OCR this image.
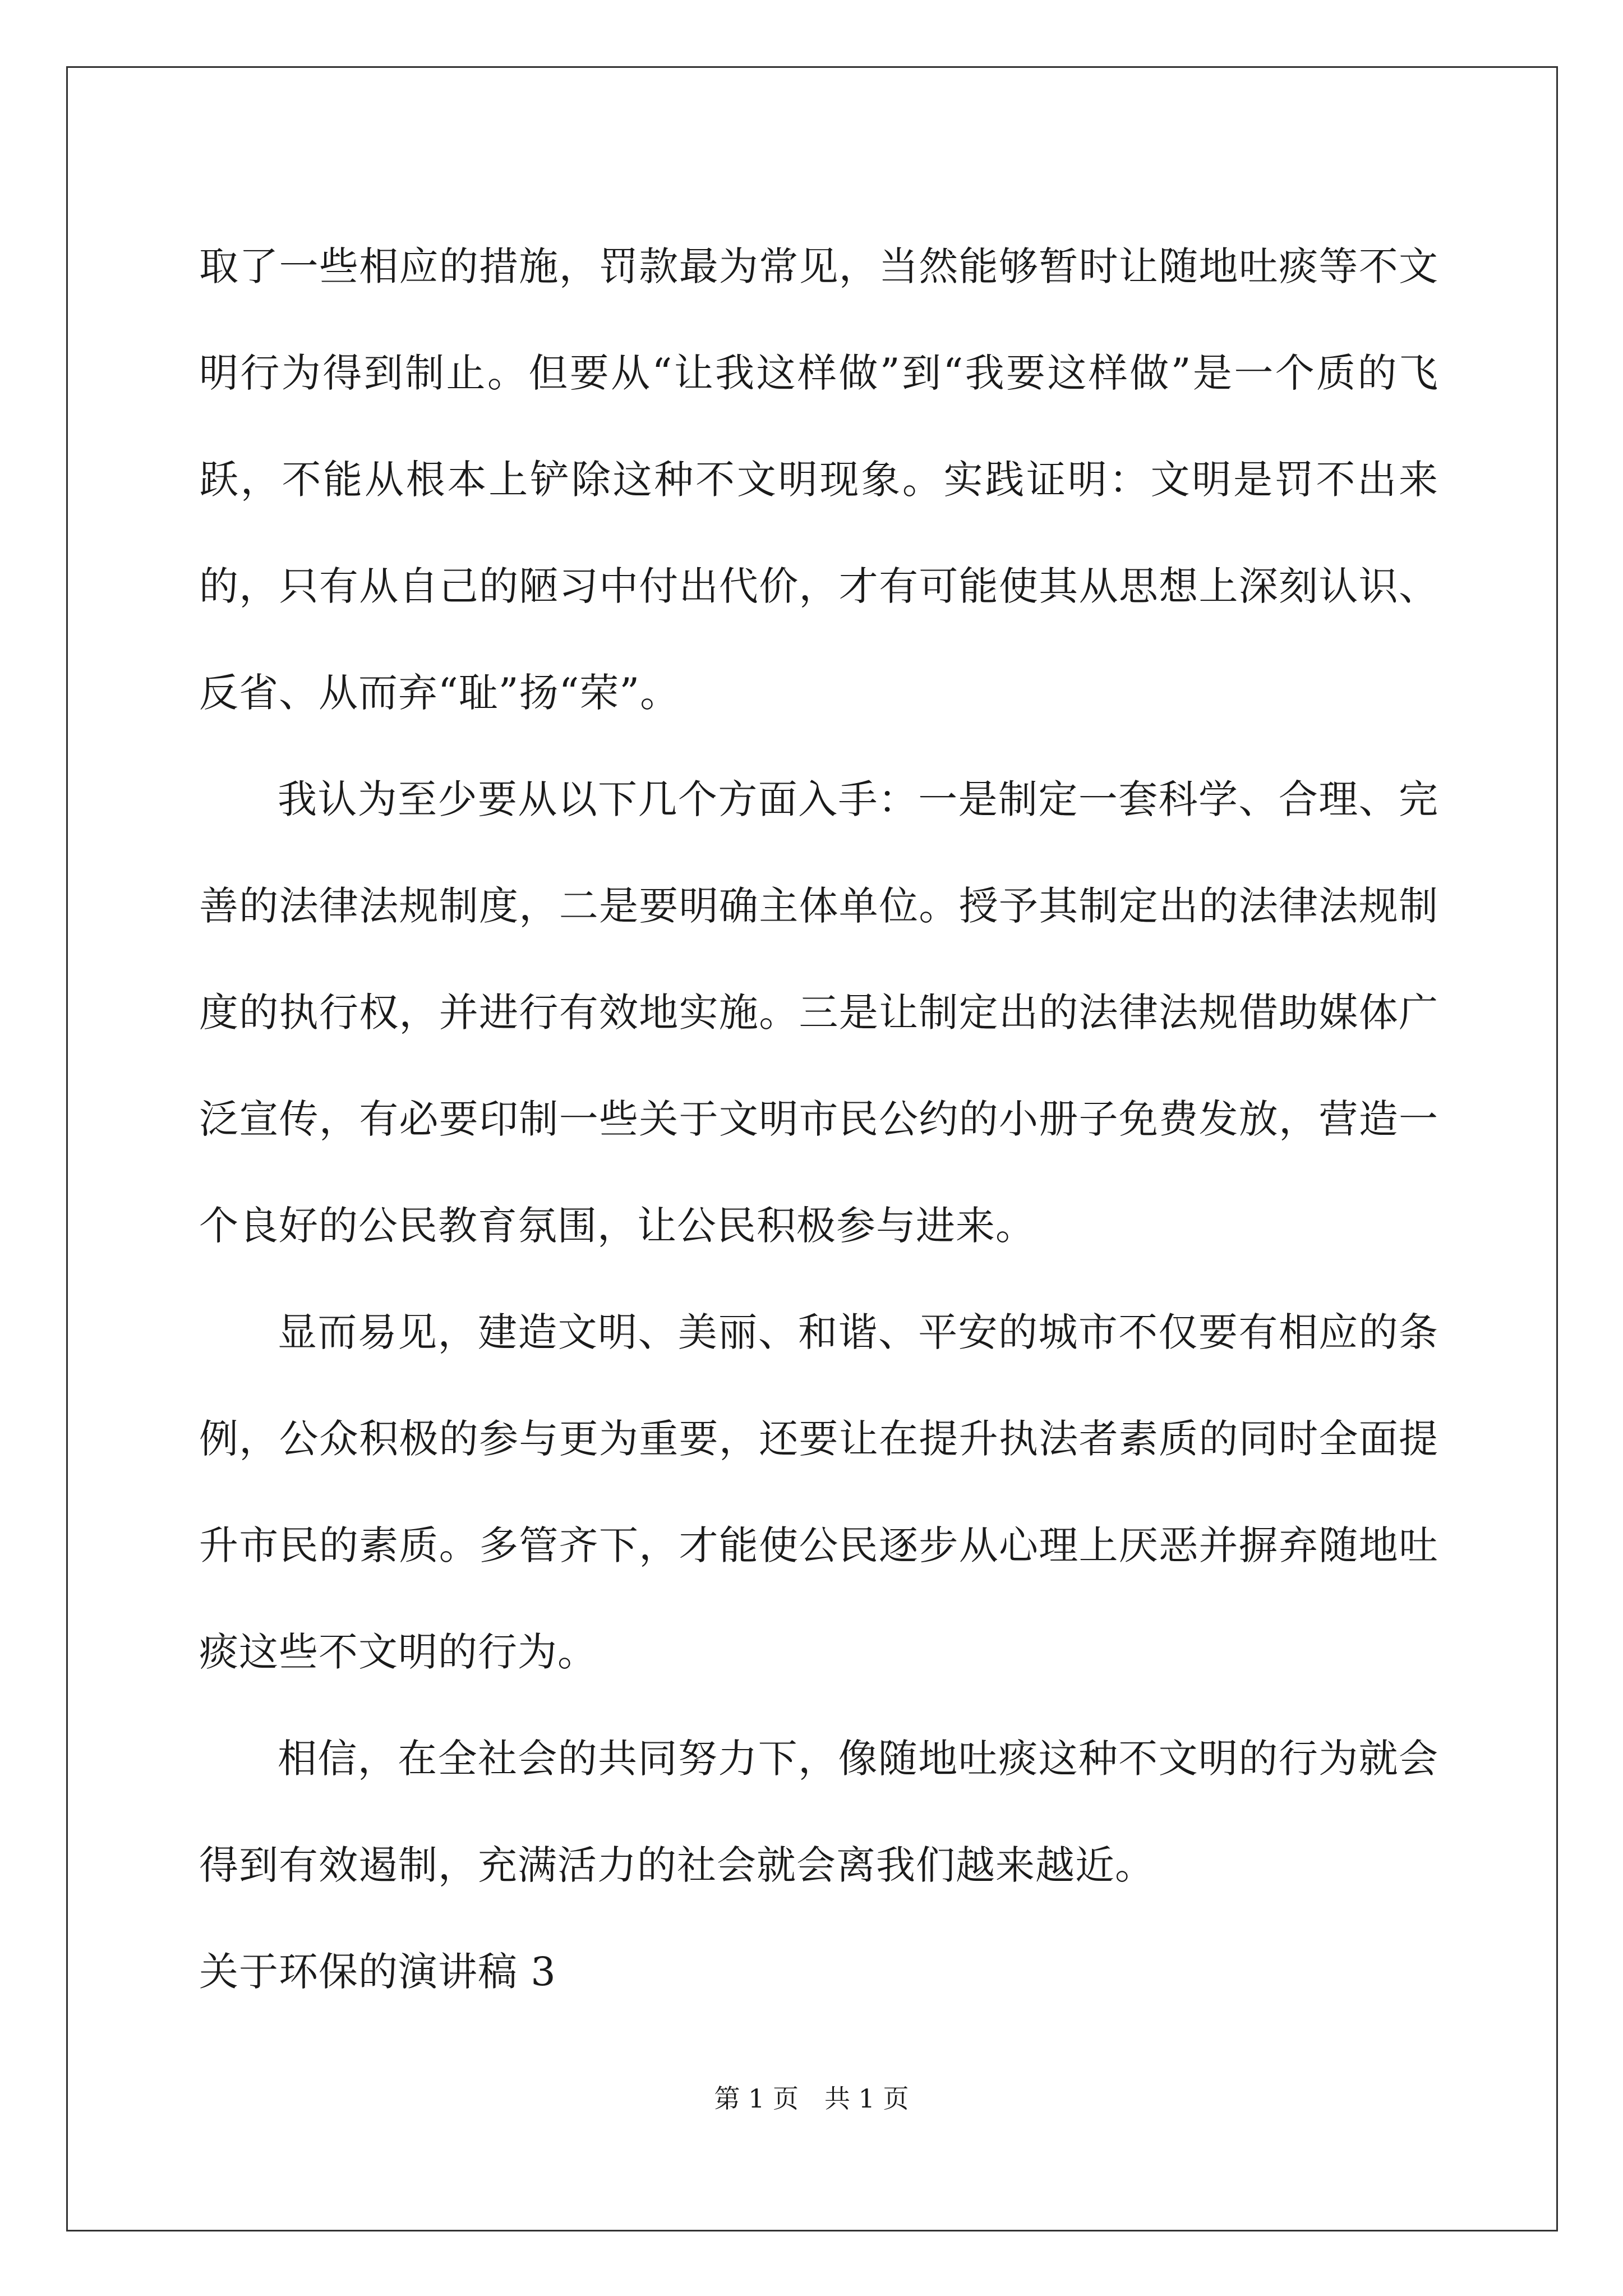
取了一些相应的措施，罚款最为常见，当然能够暂时让随地吐痰等不文明行为得到制止。但要从“让我这样做”到“我要这样做”是一个质的飞跃，不能从根本上铲除这种不文明现象。实践证明：文明是罚不出来的，只有从自己的陋习中付出代价，才有可能使其从思想上深刻认识、反省、从而弃“耻”扬“荣”。

我认为至少要从以下几个方面入手：一是制定一套科学、合理、完善的法律法规制度，二是要明确主体单位。授予其制定出的法律法规制度的执行权，并进行有效地实施。三是让制定出的法律法规借助媒体广泛宣传，有必要印制一些关于文明市民公约的小册子免费发放，营造一个良好的公民教育氛围，让公民积极参与进来。

显而易见，建造文明、美丽、和谐、平安的城市不仅要有相应的条例，公众积极的参与更为重要，还要让在提升执法者素质的同时全面提升市民的素质。多管齐下，才能使公民逐步从心理上厌恶并摒弃随地吐痰这些不文明的行为。

相信，在全社会的共同努力下，像随地吐痰这种不文明的行为就会得到有效遏制，充满活力的社会就会离我们越来越近。

关于环保的演讲稿 3

第 1 页　共 1 页
